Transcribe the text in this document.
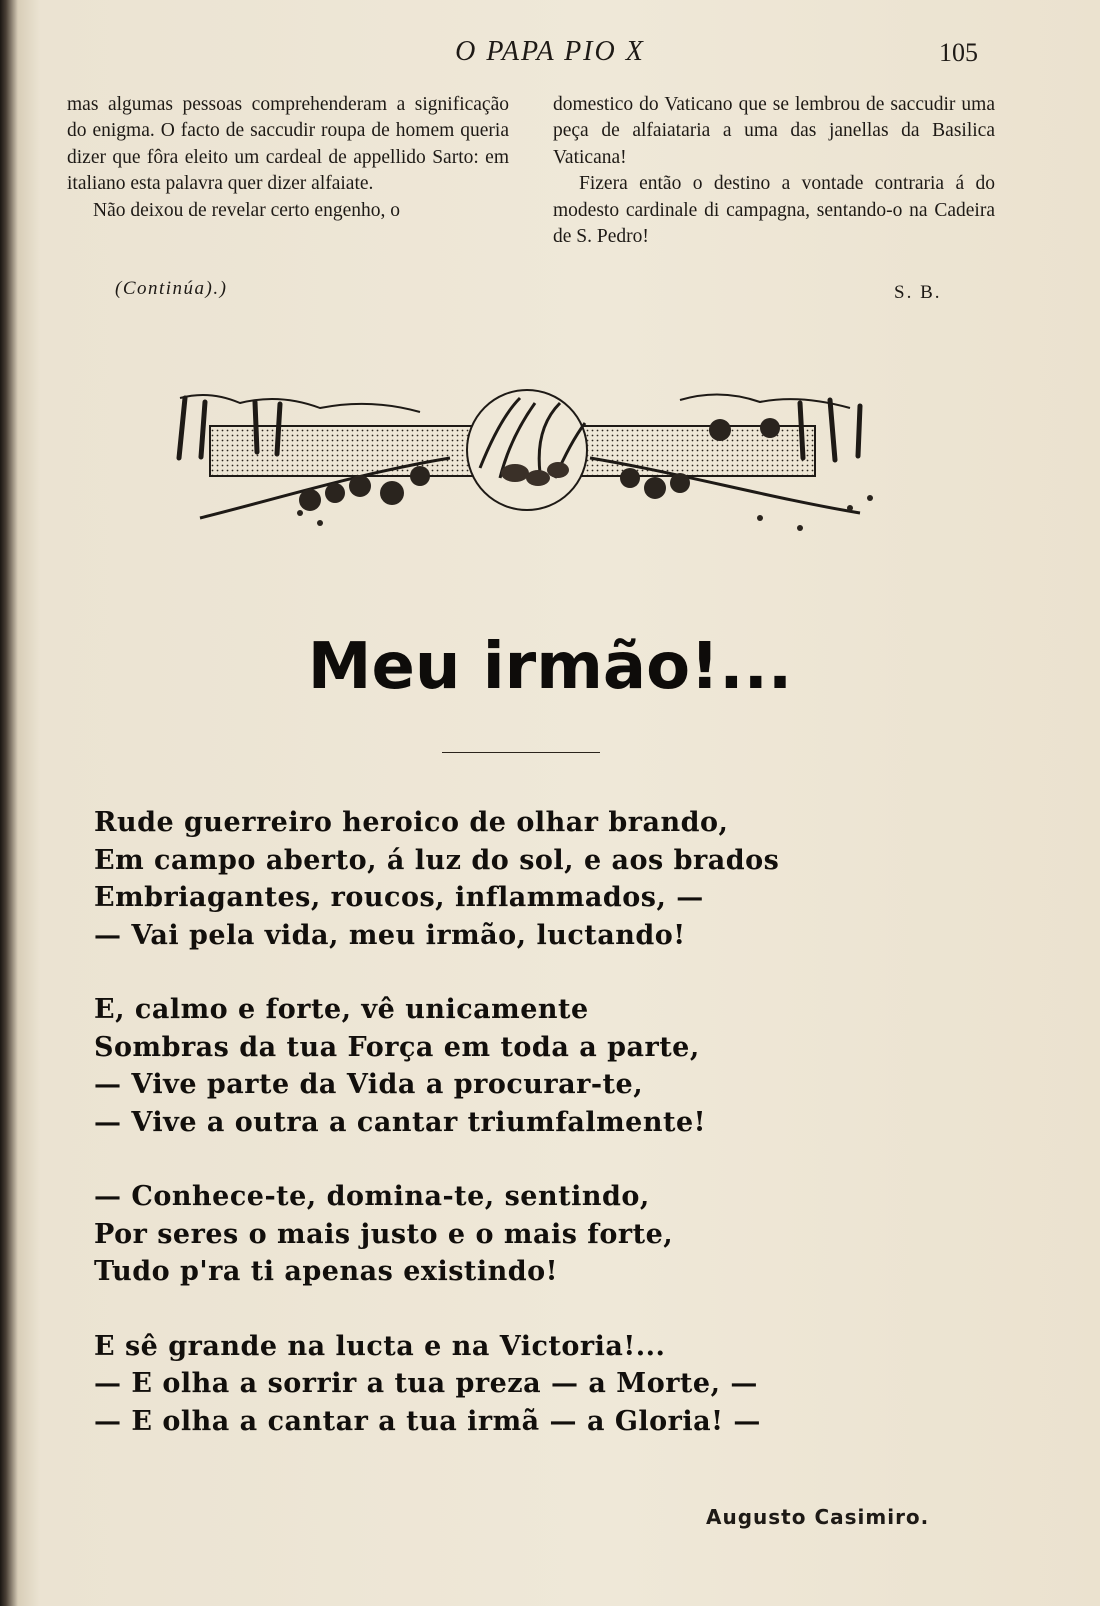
O PAPA PIO X	105

mas algumas pessoas comprehenderam a significação do enigma. O facto de saccudir roupa de homem queria dizer que fôra eleito um cardeal de appellido Sarto: em italiano esta palavra quer dizer alfaiate.

Não deixou de revelar certo engenho, o

domestico do Vaticano que se lembrou de saccudir uma peça de alfaiataria a uma das janellas da Basilica Vaticana!

Fizera então o destino a vontade contraria á do modesto cardinale di campagna, sentando-o na Cadeira de S. Pedro!

(Continúa).)	S. B.
Meu irmão!...
Rude guerreiro heroico de olhar brando,
Em campo aberto, á luz do sol, e aos brados
Embriagantes, roucos, inflammados, —
— Vai pela vida, meu irmão, luctando!
E, calmo e forte, vê unicamente
Sombras da tua Força em toda a parte,
— Vive parte da Vida a procurar-te,
— Vive a outra a cantar triumfalmente!
— Conhece-te, domina-te, sentindo,
Por seres o mais justo e o mais forte,
Tudo p'ra ti apenas existindo!
E sê grande na lucta e na Victoria!...
— E olha a sorrir a tua preza — a Morte, —
— E olha a cantar a tua irmã — a Gloria! —
Augusto Casimiro.
